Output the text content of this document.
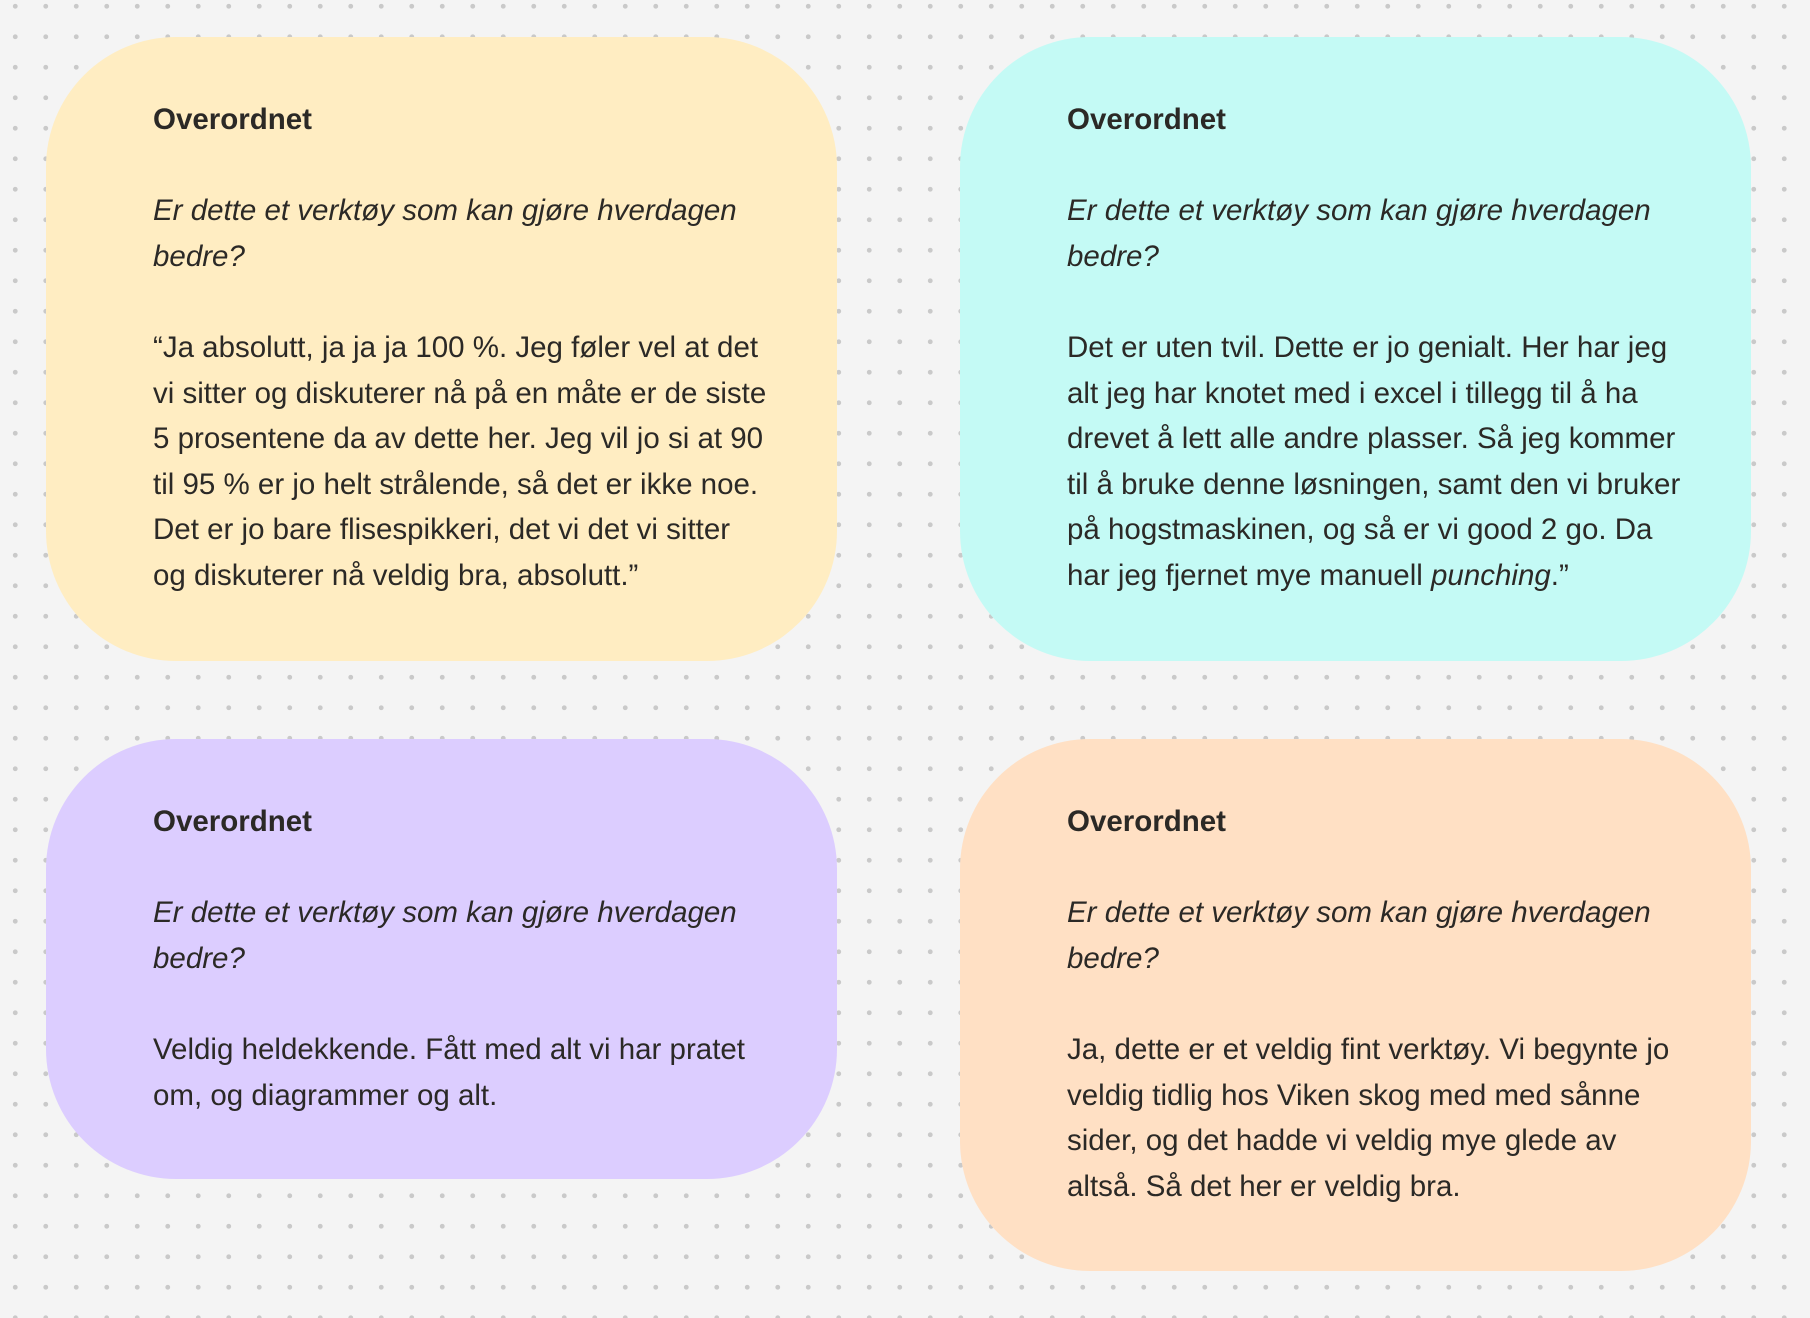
Overordnet
Er dette et verktøy som kan gjøre hverdagen
bedre?
“Ja absolutt, ja ja ja 100 %. Jeg føler vel at det
vi sitter og diskuterer nå på en måte er de siste
5 prosentene da av dette her. Jeg vil jo si at 90
til 95 % er jo helt strålende, så det er ikke noe.
Det er jo bare flisespikkeri, det vi det vi sitter
og diskuterer nå veldig bra, absolutt.”
Overordnet
Er dette et verktøy som kan gjøre hverdagen
bedre?
Det er uten tvil. Dette er jo genialt. Her har jeg
alt jeg har knotet med i excel i tillegg til å ha
drevet å lett alle andre plasser. Så jeg kommer
til å bruke denne løsningen, samt den vi bruker
på hogstmaskinen, og så er vi good 2 go. Da
har jeg fjernet mye manuell punching.”
Overordnet
Er dette et verktøy som kan gjøre hverdagen
bedre?
Veldig heldekkende. Fått med alt vi har pratet
om, og diagrammer og alt.
Overordnet
Er dette et verktøy som kan gjøre hverdagen
bedre?
Ja, dette er et veldig fint verktøy. Vi begynte jo
veldig tidlig hos Viken skog med med sånne
sider, og det hadde vi veldig mye glede av
altså. Så det her er veldig bra.
